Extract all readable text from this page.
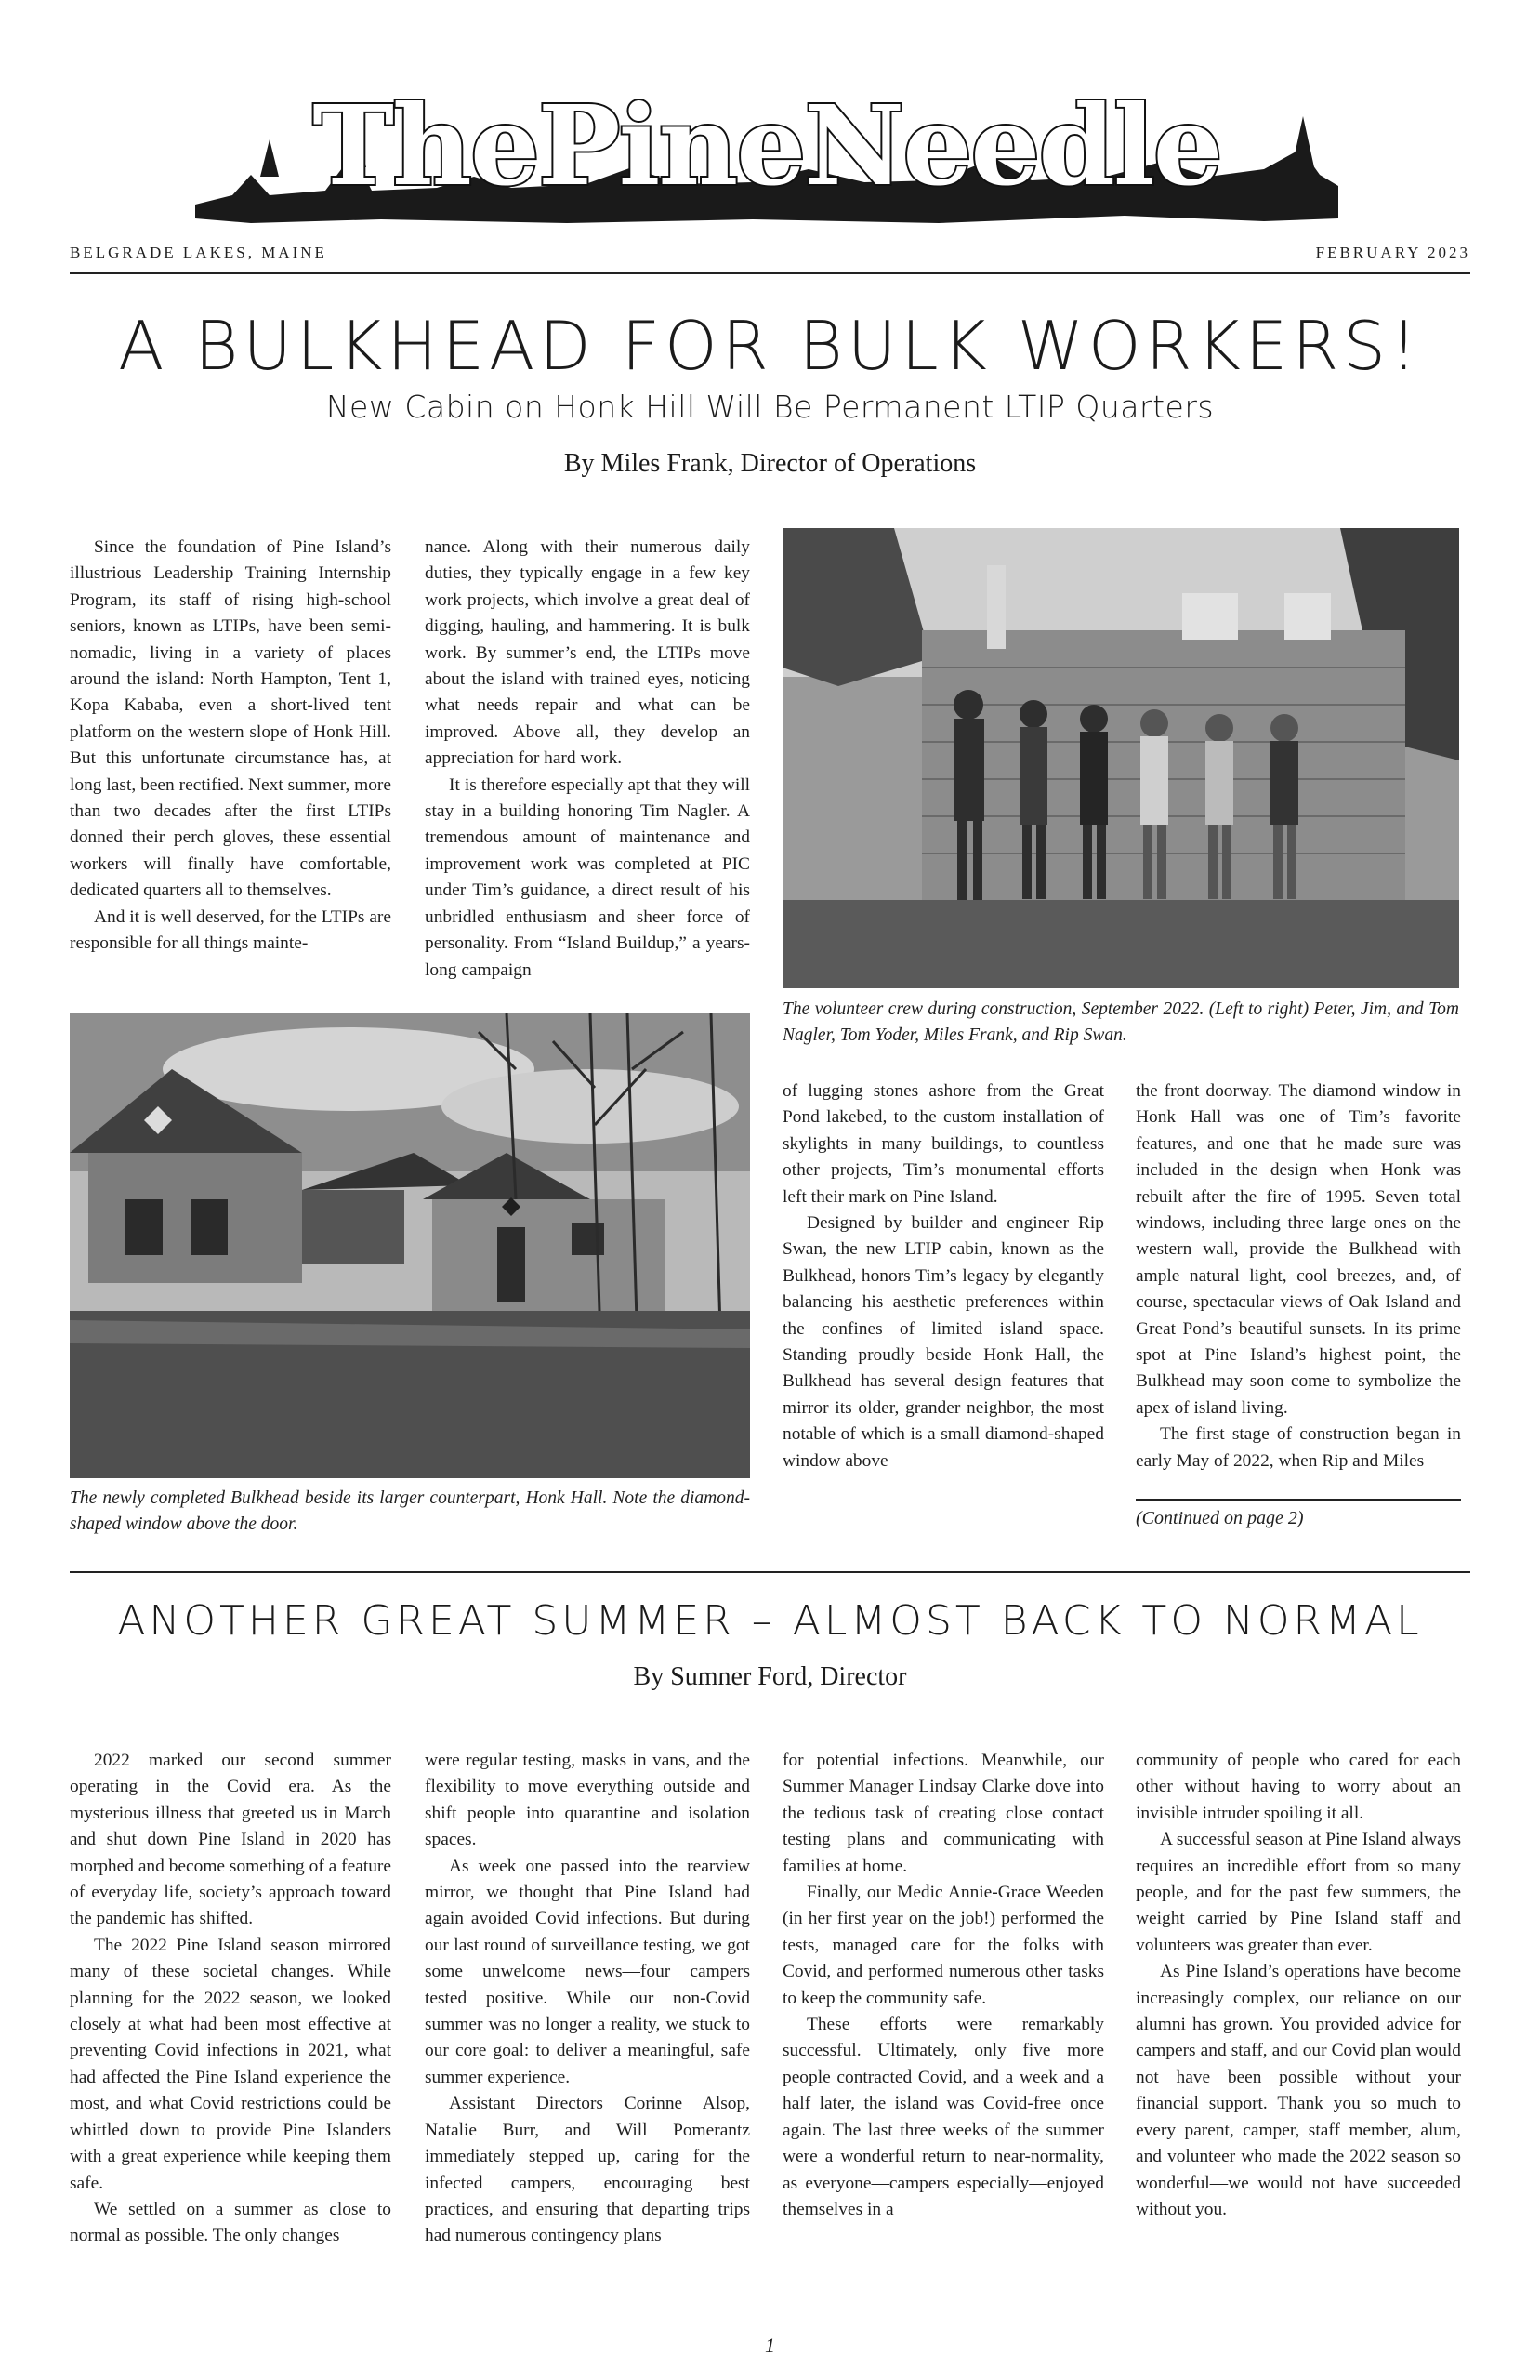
ThePineNeedle
BELGRADE LAKES, MAINE	FEBRUARY 2023
A BULKHEAD FOR BULK WORKERS!
New Cabin on Honk Hill Will Be Permanent LTIP Quarters
By Miles Frank, Director of Operations

Since the foundation of Pine Island’s illustrious Leadership Training Internship Program, its staff of rising high-school seniors, known as LTIPs, have been semi-nomadic, living in a variety of places around the island: North Hampton, Tent 1, Kopa Kababa, even a short-lived tent platform on the western slope of Honk Hill. But this unfortunate circumstance has, at long last, been rectified. Next summer, more than two decades after the first LTIPs donned their perch gloves, these essential workers will finally have comfortable, dedicated quarters all to themselves.

And it is well deserved, for the LTIPs are responsible for all things mainte-

nance. Along with their numerous daily duties, they typically engage in a few key work projects, which involve a great deal of digging, hauling, and hammering. It is bulk work. By summer’s end, the LTIPs move about the island with trained eyes, noticing what needs repair and what can be improved. Above all, they develop an appreciation for hard work.

It is therefore especially apt that they will stay in a building honoring Tim Nagler. A tremendous amount of maintenance and improvement work was completed at PIC under Tim’s guidance, a direct result of his unbridled enthusiasm and sheer force of personality. From “Island Buildup,” a years-long campaign

The volunteer crew during construction, September 2022. (Left to right) Peter, Jim, and Tom Nagler, Tom Yoder, Miles Frank, and Rip Swan.
The newly completed Bulkhead beside its larger counterpart, Honk Hall. Note the diamond-shaped window above the door.

of lugging stones ashore from the Great Pond lakebed, to the custom installation of skylights in many buildings, to countless other projects, Tim’s monumental efforts left their mark on Pine Island.

Designed by builder and engineer Rip Swan, the new LTIP cabin, known as the Bulkhead, honors Tim’s legacy by elegantly balancing his aesthetic preferences within the confines of limited island space. Standing proudly beside Honk Hall, the Bulkhead has several design features that mirror its older, grander neighbor, the most notable of which is a small diamond-shaped window above

the front doorway. The diamond window in Honk Hall was one of Tim’s favorite features, and one that he made sure was included in the design when Honk was rebuilt after the fire of 1995. Seven total windows, including three large ones on the western wall, provide the Bulkhead with ample natural light, cool breezes, and, of course, spectacular views of Oak Island and Great Pond’s beautiful sunsets. In its prime spot at Pine Island’s highest point, the Bulkhead may soon come to symbolize the apex of island living.

The first stage of construction began in early May of 2022, when Rip and Miles

(Continued on page 2)
ANOTHER GREAT SUMMER – ALMOST BACK TO NORMAL
By Sumner Ford, Director

2022 marked our second summer operating in the Covid era. As the mysterious illness that greeted us in March and shut down Pine Island in 2020 has morphed and become something of a feature of everyday life, society’s approach toward the pandemic has shifted.

The 2022 Pine Island season mirrored many of these societal changes. While planning for the 2022 season, we looked closely at what had been most effective at preventing Covid infections in 2021, what had affected the Pine Island experience the most, and what Covid restrictions could be whittled down to provide Pine Islanders with a great experience while keeping them safe.

We settled on a summer as close to normal as possible. The only changes

were regular testing, masks in vans, and the flexibility to move everything outside and shift people into quarantine and isolation spaces.

As week one passed into the rearview mirror, we thought that Pine Island had again avoided Covid infections. But during our last round of surveillance testing, we got some unwelcome news—four campers tested positive. While our non-Covid summer was no longer a reality, we stuck to our core goal: to deliver a meaningful, safe summer experience.

Assistant Directors Corinne Alsop, Natalie Burr, and Will Pomerantz immediately stepped up, caring for the infected campers, encouraging best practices, and ensuring that departing trips had numerous contingency plans

for potential infections. Meanwhile, our Summer Manager Lindsay Clarke dove into the tedious task of creating close contact testing plans and communicating with families at home.

Finally, our Medic Annie-Grace Weeden (in her first year on the job!) performed the tests, managed care for the folks with Covid, and performed numerous other tasks to keep the community safe.

These efforts were remarkably successful. Ultimately, only five more people contracted Covid, and a week and a half later, the island was Covid-free once again. The last three weeks of the summer were a wonderful return to near-normality, as everyone—campers especially—enjoyed themselves in a

community of people who cared for each other without having to worry about an invisible intruder spoiling it all.

A successful season at Pine Island always requires an incredible effort from so many people, and for the past few summers, the weight carried by Pine Island staff and volunteers was greater than ever.

As Pine Island’s operations have become increasingly complex, our reliance on our alumni has grown. You provided advice for campers and staff, and our Covid plan would not have been possible without your financial support. Thank you so much to every parent, camper, staff member, alum, and volunteer who made the 2022 season so wonderful—we would not have succeeded without you.

1
